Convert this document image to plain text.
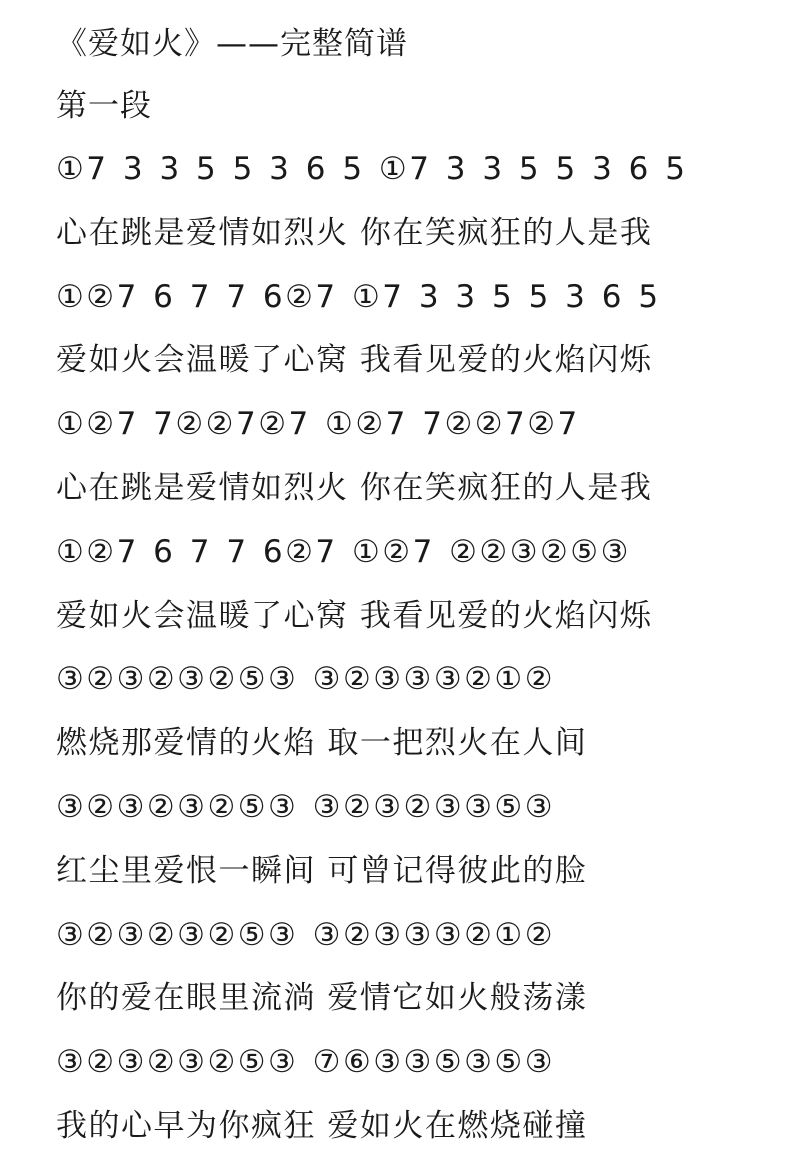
《爱如火》——完整简谱
第一段
①7 3 3 5 5 3 6 5 ①7 3 3 5 5 3 6 5
心在跳是爱情如烈火 你在笑疯狂的人是我
①②7 6 7 7 6②7 ①7 3 3 5 5 3 6 5
爱如火会温暖了心窝 我看见爱的火焰闪烁
①②7 7②②7②7 ①②7 7②②7②7
心在跳是爱情如烈火 你在笑疯狂的人是我
①②7 6 7 7 6②7 ①②7 ②②③②⑤③
爱如火会温暖了心窝 我看见爱的火焰闪烁
③②③②③②⑤③ ③②③③③②①②
燃烧那爱情的火焰 取一把烈火在人间
③②③②③②⑤③ ③②③②③③⑤③
红尘里爱恨一瞬间 可曾记得彼此的脸
③②③②③②⑤③ ③②③③③②①②
你的爱在眼里流淌 爱情它如火般荡漾
③②③②③②⑤③ ⑦⑥③③⑤③⑤③
我的心早为你疯狂 爱如火在燃烧碰撞
